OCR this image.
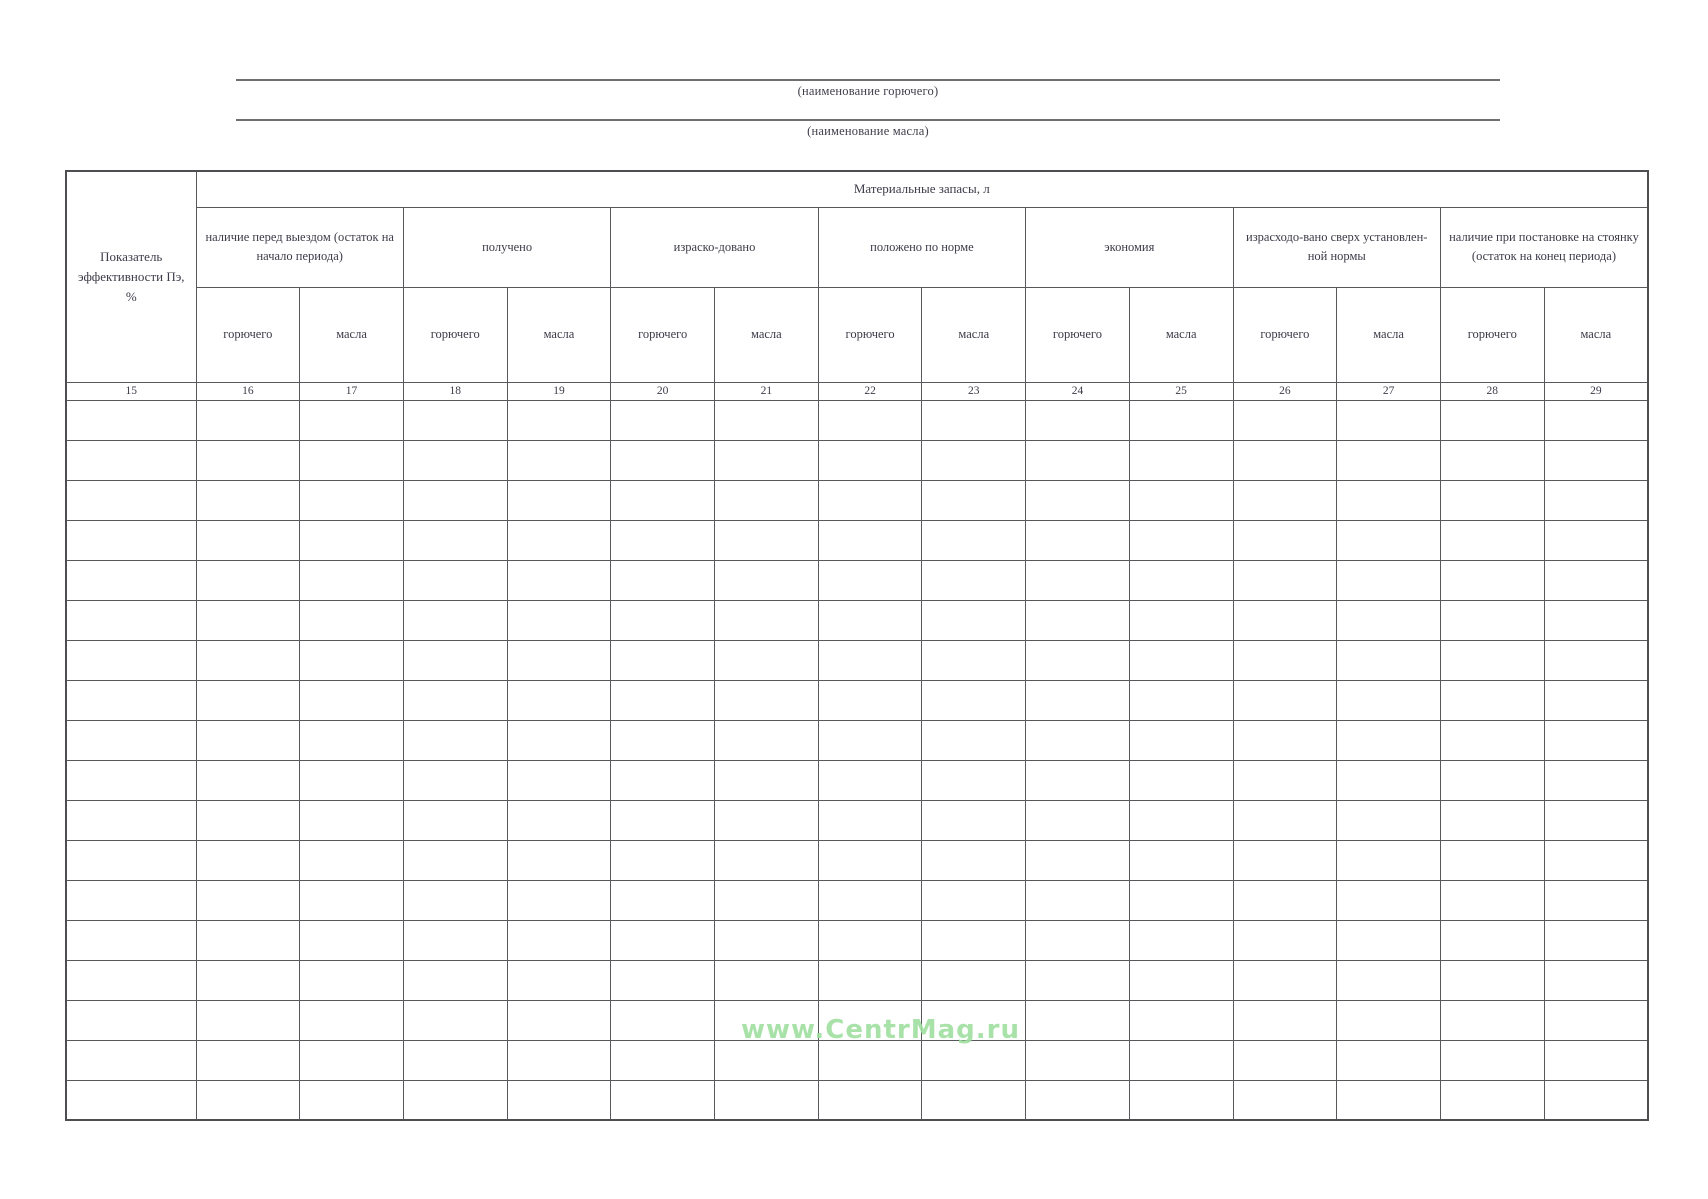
(наименование горючего)
(наименование масла)
Показатель эффективности Пэ, %	Материальные запасы, л													
	наличие перед выездом (остаток на начало периода)		получено		израско-довано		положено по норме		экономия		израсходо-вано сверх установлен-ной нормы		наличие при постановке на стоянку (остаток на конец периода)	
	горючего	масла	горючего	масла	горючего	масла	горючего	масла	горючего	масла	горючего	масла	горючего	масла
15	16	17	18	19	20	21	22	23	24	25	26	27	28	29

www.CentrMag.ru
